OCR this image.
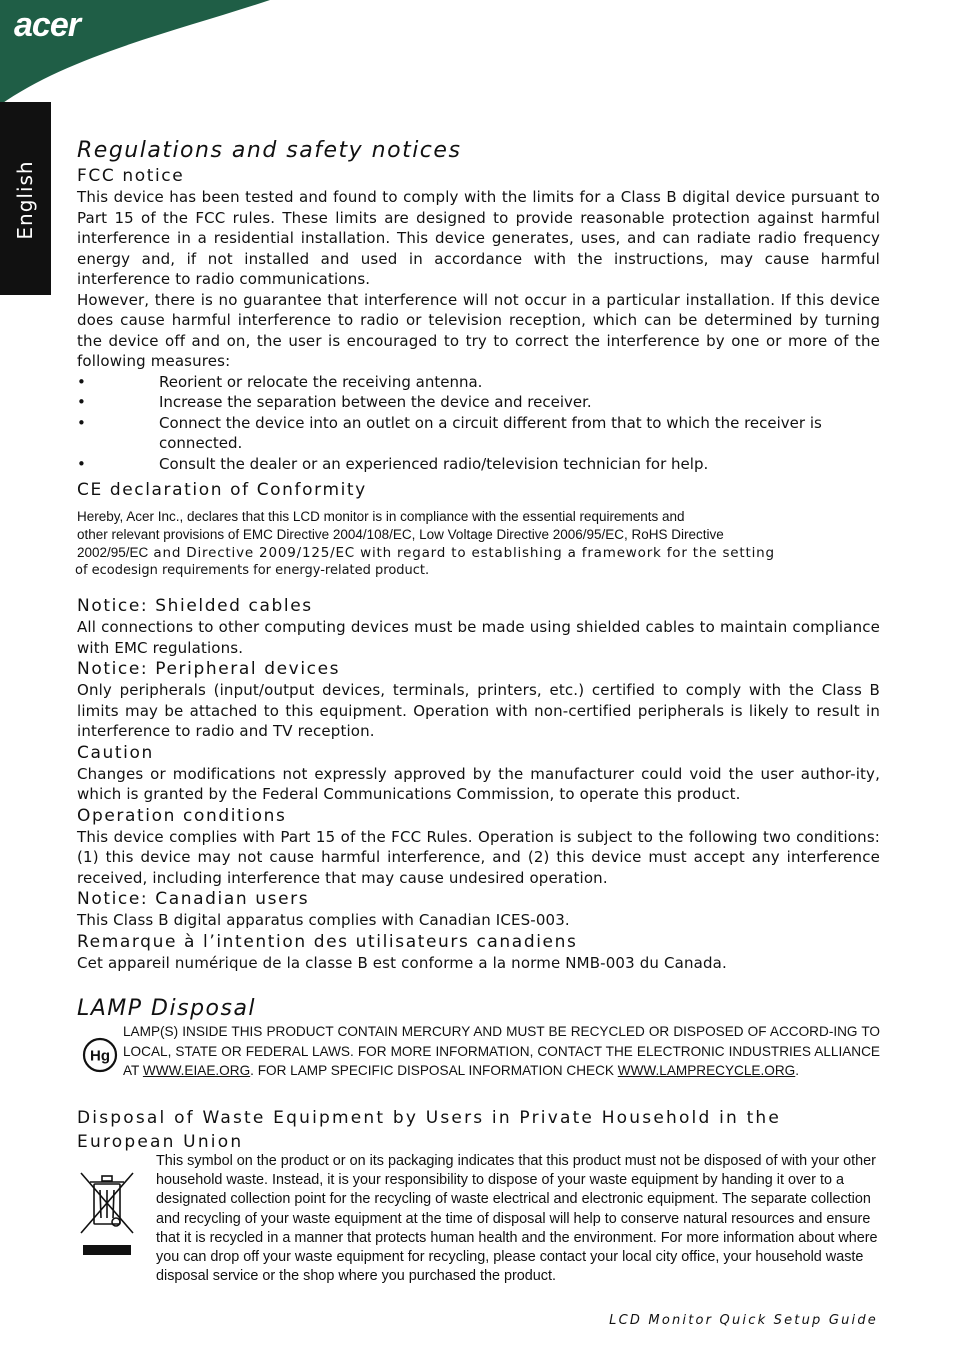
acer
English
Regulations and safety notices
FCC notice

This device has been tested and found to comply with the limits for a Class B digital device pursuant to Part 15 of the FCC rules. These limits are designed to provide reasonable protection against harmful interference in a residential installation. This device generates, uses, and can radiate radio frequency energy and, if not installed and used in accordance with the instructions, may cause harmful interference to radio communications.

However, there is no guarantee that interference will not occur in a particular installation. If this device does cause harmful interference to radio or television reception, which can be determined by turning the device off and on, the user is encouraged to try to correct the interference by one or more of the following measures:

•	Reorient or relocate the receiving antenna.
•	Increase the separation between the device and receiver.
•	Connect the device into an outlet on a circuit different from that to which the receiver is connected.
•	Consult the dealer or an experienced radio/television technician for help.
CE declaration of Conformity
Hereby, Acer Inc., declares that this LCD monitor is in compliance with the essential requirements and
other relevant provisions of EMC Directive 2004/108/EC, Low Voltage Directive 2006/95/EC, RoHS Directive
2002/95/EC and Directive 2009/125/EC with regard to establishing a framework for the setting
of ecodesign requirements for energy-related product.
Notice: Shielded cables

All connections to other computing devices must be made using shielded cables to maintain compliance with EMC regulations.

Notice: Peripheral devices

Only peripherals (input/output devices, terminals, printers, etc.) certified to comply with the Class B limits may be attached to this equipment. Operation with non-certified peripherals is likely to result in interference to radio and TV reception.

Caution

Changes or modifications not expressly approved by the manufacturer could void the user author-ity, which is granted by the Federal Communications Commission, to operate this product.

Operation conditions

This device complies with Part 15 of the FCC Rules. Operation is subject to the following two conditions: (1) this device may not cause harmful interference, and (2) this device must accept any interference received, including interference that may cause undesired operation.

Notice: Canadian users

This Class B digital apparatus complies with Canadian ICES-003.

Remarque à l’intention des utilisateurs canadiens

Cet appareil numérique de la classe B est conforme a la norme NMB-003 du Canada.

LAMP Disposal
Hg
LAMP(S) INSIDE THIS PRODUCT CONTAIN MERCURY AND MUST BE RECYCLED OR DISPOSED OF ACCORD-ING TO LOCAL, STATE OR FEDERAL LAWS. FOR MORE INFORMATION, CONTACT THE ELECTRONIC INDUSTRIES ALLIANCE AT WWW.EIAE.ORG. FOR LAMP SPECIFIC DISPOSAL INFORMATION CHECK WWW.LAMPRECYCLE.ORG.
Disposal of Waste Equipment by Users in Private Household in the European Union
This symbol on the product or on its packaging indicates that this product must not be disposed of with your other household waste. Instead, it is your responsibility to dispose of your waste equipment by handing it over to a designated collection point for the recycling of waste electrical and electronic equipment. The separate collection and recycling of your waste equipment at the time of disposal will help to conserve natural resources and ensure that it is recycled in a manner that protects human health and the environment. For more information about where you can drop off your waste equipment for recycling, please contact your local city office, your household waste disposal service or the shop where you purchased the product.
LCD Monitor Quick Setup Guide
